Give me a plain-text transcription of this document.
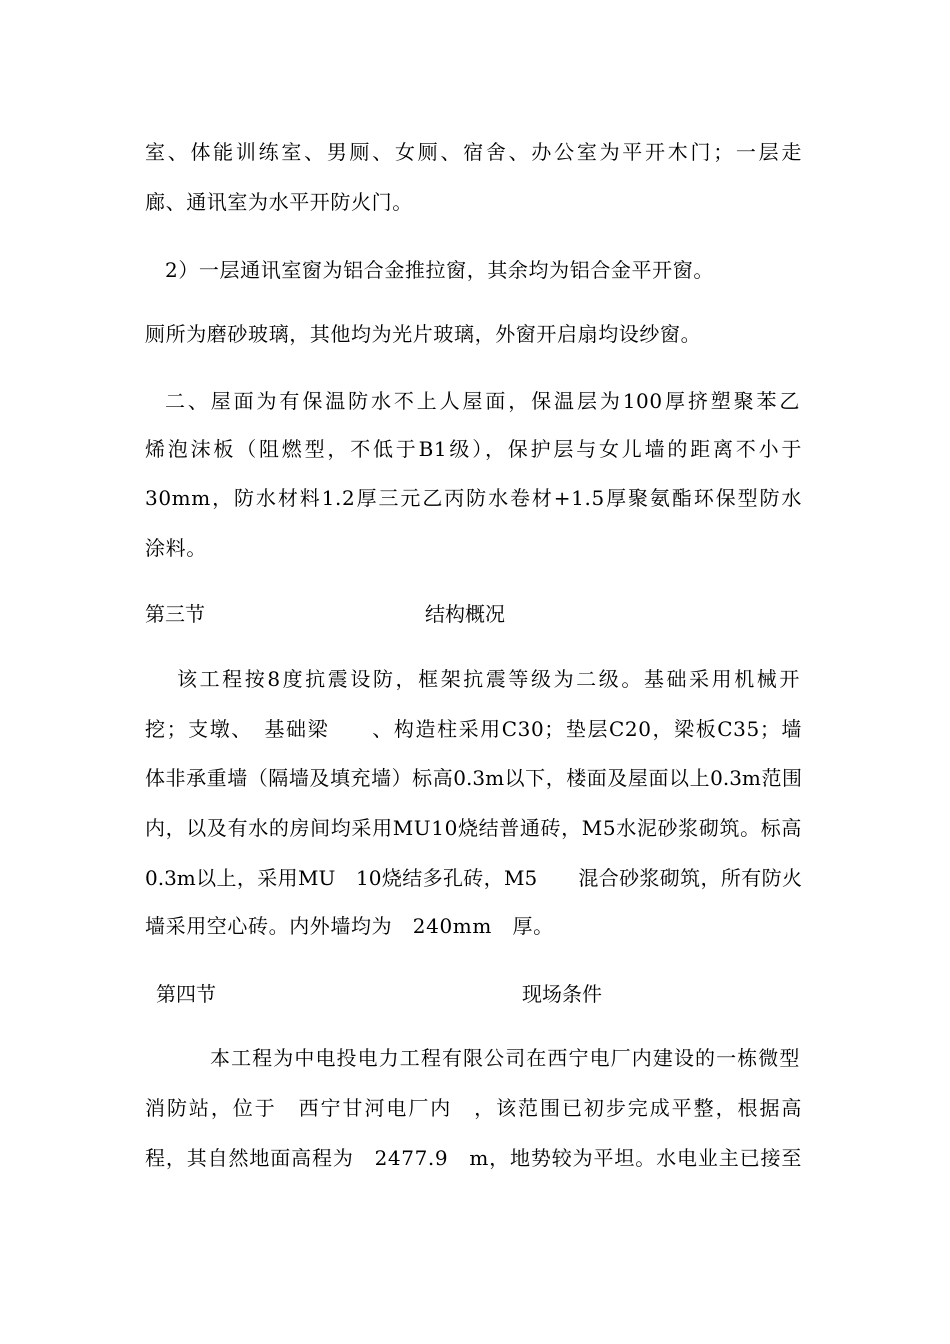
室、体能训练室、男厕、女厕、宿舍、办公室为平开木门；一层走
廊、通讯室为水平开防火门。
2）一层通讯室窗为铝合金推拉窗，其余均为铝合金平开窗。
厕所为磨砂玻璃，其他均为光片玻璃，外窗开启扇均设纱窗。
二、屋面为有保温防水不上人屋面，保温层为100厚挤塑聚苯乙
烯泡沫板（阻燃型，不低于B1级），保护层与女儿墙的距离不小于
30mm，防水材料1.2厚三元乙丙防水卷材+1.5厚聚氨酯环保型防水
涂料。
第三节	结构概况
该工程按8度抗震设防，框架抗震等级为二级。基础采用机械开
挖；支墩、　基础梁　　、构造柱采用C30；垫层C20，梁板C35；墙
体非承重墙（隔墙及填充墙）标高0.3m以下，楼面及屋面以上0.3m范围
内，以及有水的房间均采用MU10烧结普通砖，M5水泥砂浆砌筑。标高
0.3m以上，采用MU　10烧结多孔砖，M5　　混合砂浆砌筑，所有防火
墙采用空心砖。内外墙均为　240mm　厚。
第四节	现场条件
本工程为中电投电力工程有限公司在西宁电厂内建设的一栋微型
消防站，位于　西宁甘河电厂内　，该范围已初步完成平整，根据高
程，其自然地面高程为　2477.9　m，地势较为平坦。水电业主已接至
